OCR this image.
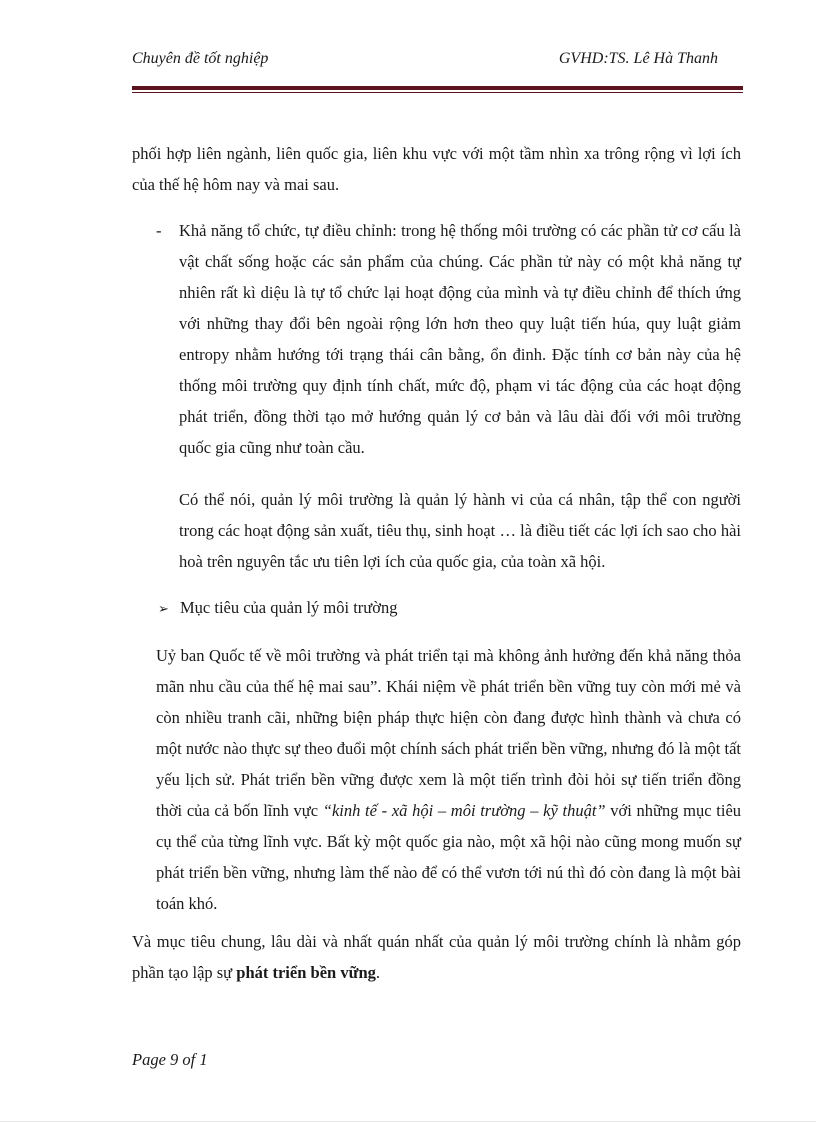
Chuyên đề tốt nghiệp	GVHD:TS. Lê Hà Thanh

phối hợp liên ngành, liên quốc gia, liên khu vực với một tầm nhìn xa trông rộng vì lợi ích của thế hệ hôm nay và mai sau.

- Khả năng tổ chức, tự điều chỉnh: trong hệ thống môi trường có các phần tử cơ cấu là vật chất sống hoặc các sản phẩm của chúng. Các phần tử này có một khả năng tự nhiên rất kì diệu là tự tổ chức lại hoạt động của mình và tự điều chỉnh để thích ứng với những thay đổi bên ngoài rộng lớn hơn theo quy luật tiến húa, quy luật giảm entropy nhằm hướng tới trạng thái cân bằng, ổn đinh. Đặc tính cơ bản này của hệ thống môi trường quy định tính chất, mức độ, phạm vi tác động của các hoạt động phát triển, đồng thời tạo mở hướng quản lý cơ bản và lâu dài đối với môi trường quốc gia cũng như toàn cầu.

Có thể nói, quản lý môi trường là quản lý hành vi của cá nhân, tập thể con người trong các hoạt động sản xuất, tiêu thụ, sinh hoạt … là điều tiết các lợi ích sao cho hài hoà trên nguyên tắc ưu tiên lợi ích của quốc gia, của toàn xã hội.

➢ Mục tiêu của quản lý môi trường

Uỷ ban Quốc tế về môi trường và phát triển tại mà không ảnh hưởng đến khả năng thỏa mãn nhu cầu của thế hệ mai sau”. Khái niệm về phát triển bền vững tuy còn mới mẻ và còn nhiều tranh cãi, những biện pháp thực hiện còn đang được hình thành và chưa có một nước nào thực sự theo đuổi một chính sách phát triển bền vững, nhưng đó là một tất yếu lịch sử. Phát triển bền vững được xem là một tiến trình đòi hỏi sự tiến triển đồng thời của cả bốn lĩnh vực “kinh tế - xã hội – môi trường – kỹ thuật” với những mục tiêu cụ thể của từng lĩnh vực. Bất kỳ một quốc gia nào, một xã hội nào cũng mong muốn sự phát triển bền vững, nhưng làm thế nào để có thể vươn tới nú thì đó còn đang là một bài toán khó.

Và mục tiêu chung, lâu dài và nhất quán nhất của quản lý môi trường chính là nhằm góp phần tạo lập sự phát triển bền vững.

Page 9 of 1
